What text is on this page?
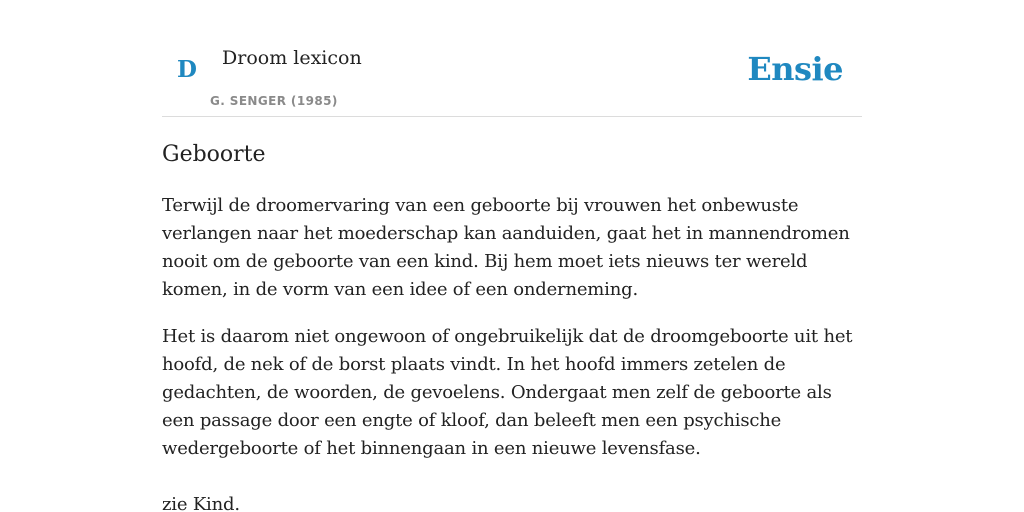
D Droom lexicon
G. SENGER (1985)
Ensie
Geboorte

Terwijl de droomervaring van een geboorte bij vrouwen het onbewuste verlangen naar het moederschap kan aanduiden, gaat het in mannendromen nooit om de geboorte van een kind. Bij hem moet iets nieuws ter wereld komen, in de vorm van een idee of een onderneming.

Het is daarom niet ongewoon of ongebruikelijk dat de droomgeboorte uit het hoofd, de nek of de borst plaats vindt. In het hoofd immers zetelen de gedachten, de woorden, de gevoelens. Ondergaat men zelf de geboorte als een passage door een engte of kloof, dan beleeft men een psychische wedergeboorte of het binnengaan in een nieuwe levensfase.

zie Kind.
